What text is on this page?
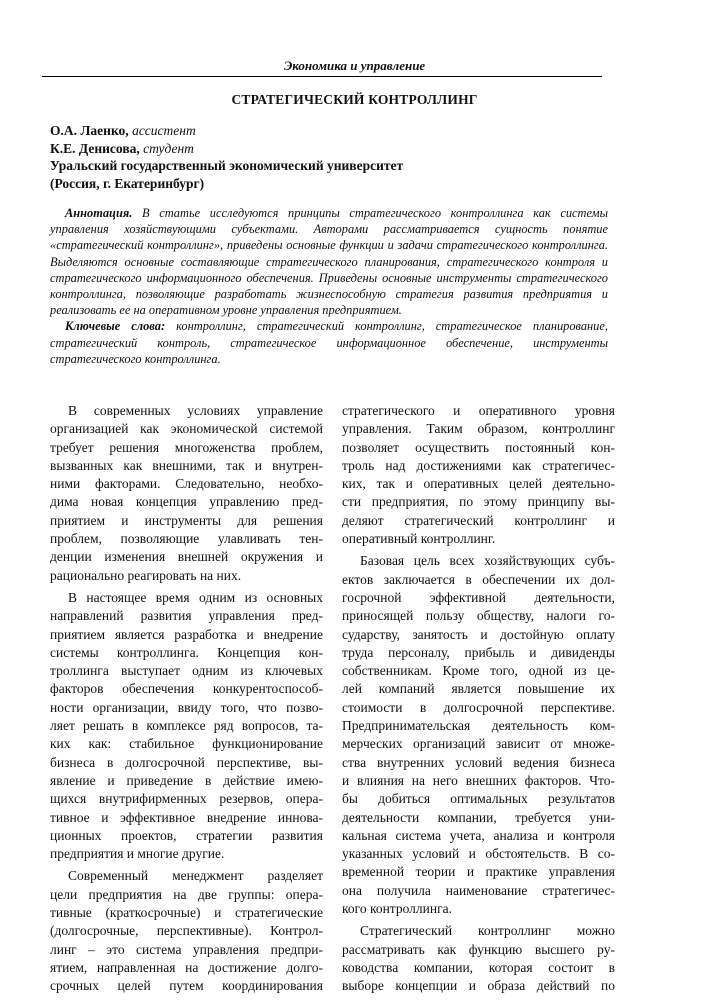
Экономика и управление
СТРАТЕГИЧЕСКИЙ КОНТРОЛЛИНГ
О.А. Лаенко, ассистент
К.Е. Денисова, студент
Уральский государственный экономический университет
(Россия, г. Екатеринбург)

Аннотация. В статье исследуются принципы стратегического контроллинга как системы управления хозяйствующими субъектами. Авторами рассматривается сущность понятие «стратегический контроллинг», приведены основные функции и задачи стратегического контроллинга. Выделяются основные составляющие стратегического планирования, стратегического контроля и стратегического информационного обеспечения. Приведены основные инструменты стратегического контроллинга, позволяющие разработать жизнеспособную стратегия развития предприятия и реализовать ее на оперативном уровне управления предприятием.

Ключевые слова: контроллинг, стратегический контроллинг, стратегическое планирование, стратегический контроль, стратегическое информационное обеспечение, инструменты стратегического контроллинга.

В современных условиях управление
организацией как экономической системой
требует решения многоженства проблем,
вызванных как внешними, так и внутрен-
ними факторами. Следовательно, необхо-
дима новая концепция управлению пред-
приятием и инструменты для решения
проблем, позволяющие улавливать тен-
денции изменения внешней окружения и
рационально реагировать на них.
В настоящее время одним из основных
направлений развития управления пред-
приятием является разработка и внедрение
системы контроллинга. Концепция кон-
троллинга выступает одним из ключевых
факторов обеспечения конкурентоспособ-
ности организации, ввиду того, что позво-
ляет решать в комплексе ряд вопросов, та-
ких как: стабильное функционирование
бизнеса в долгосрочной перспективе, вы-
явление и приведение в действие имею-
щихся внутрифирменных резервов, опера-
тивное и эффективное внедрение иннова-
ционных проектов, стратегии развития
предприятия и многие другие.
Современный менеджмент разделяет
цели предприятия на две группы: опера-
тивные (краткосрочные) и стратегические
(долгосрочные, перспективные). Контрол-
линг – это система управления предпри-
ятием, направленная на достижение долго-
срочных целей путем координирования
стратегического и оперативного уровня
управления. Таким образом, контроллинг
позволяет осуществить постоянный кон-
троль над достижениями как стратегичес-
ких, так и оперативных целей деятельно-
сти предприятия, по этому принципу вы-
деляют стратегический контроллинг и
оперативный контроллинг.
Базовая цель всех хозяйствующих субъ-
ектов заключается в обеспечении их дол-
госрочной эффективной деятельности,
приносящей пользу обществу, налоги го-
сударству, занятость и достойную оплату
труда персоналу, прибыль и дивиденды
собственникам. Кроме того, одной из це-
лей компаний является повышение их
стоимости в долгосрочной перспективе.
Предпринимательская деятельность ком-
мерческих организаций зависит от множе-
ства внутренних условий ведения бизнеса
и влияния на него внешних факторов. Что-
бы добиться оптимальных результатов
деятельности компании, требуется уни-
кальная система учета, анализа и контроля
указанных условий и обстоятельств. В со-
временной теории и практике управления
она получила наименование стратегичес-
кого контроллинга.
Стратегический контроллинг можно
рассматривать как функцию высшего ру-
ководства компании, которая состоит в
выборе концепции и образа действий по
